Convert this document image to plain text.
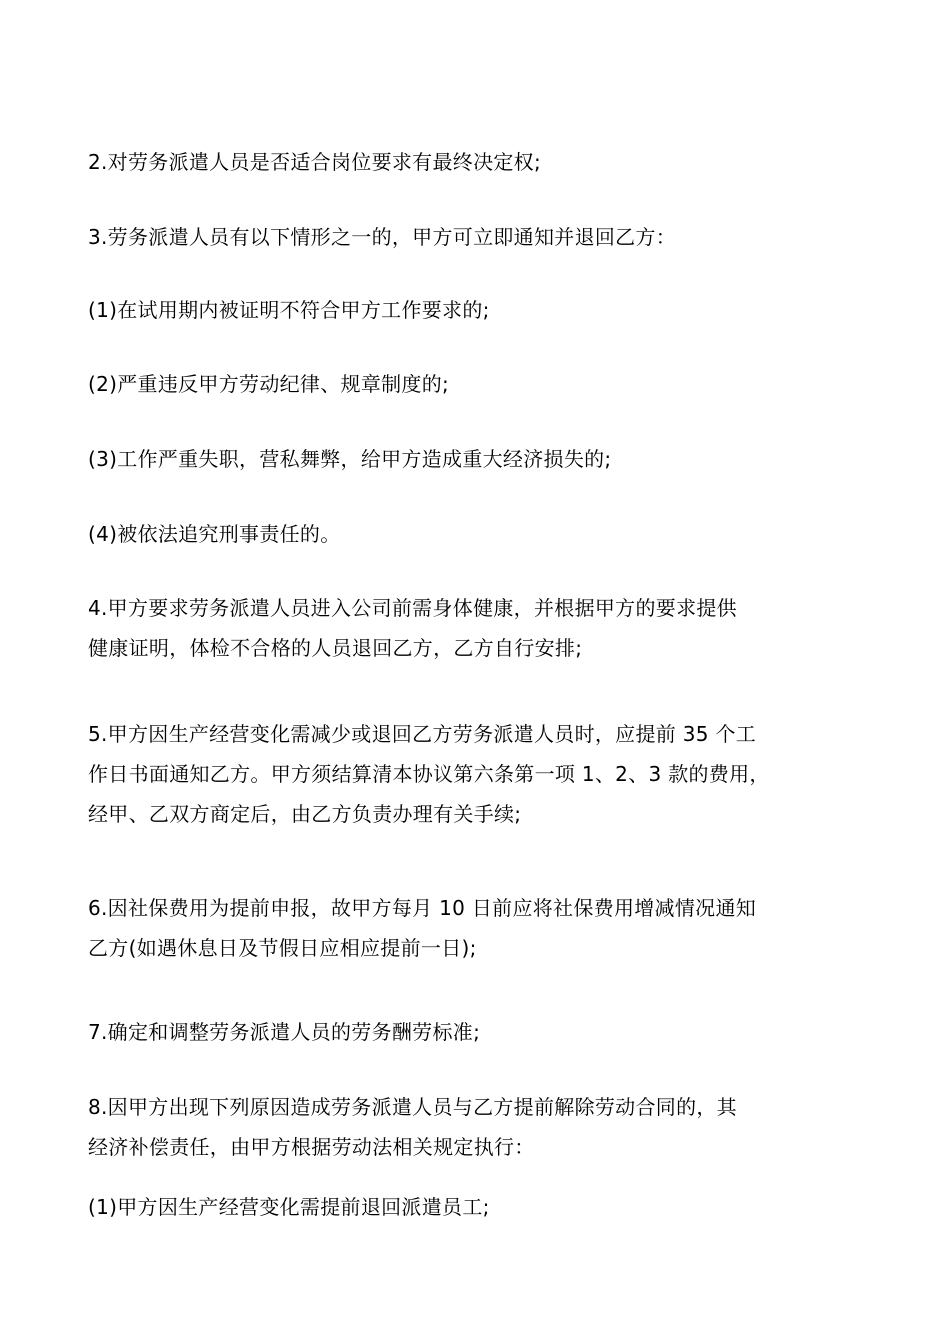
2.对劳务派遣人员是否适合岗位要求有最终决定权;
3.劳务派遣人员有以下情形之一的，甲方可立即通知并退回乙方：
(1)在试用期内被证明不符合甲方工作要求的;
(2)严重违反甲方劳动纪律、规章制度的;
(3)工作严重失职，营私舞弊，给甲方造成重大经济损失的;
(4)被依法追究刑事责任的。
4.甲方要求劳务派遣人员进入公司前需身体健康，并根据甲方的要求提供
健康证明，体检不合格的人员退回乙方，乙方自行安排;
5.甲方因生产经营变化需减少或退回乙方劳务派遣人员时，应提前 35 个工
作日书面通知乙方。甲方须结算清本协议第六条第一项 1、2、3 款的费用，
经甲、乙双方商定后，由乙方负责办理有关手续;
6.因社保费用为提前申报，故甲方每月 10 日前应将社保费用增减情况通知
乙方(如遇休息日及节假日应相应提前一日);
7.确定和调整劳务派遣人员的劳务酬劳标准;
8.因甲方出现下列原因造成劳务派遣人员与乙方提前解除劳动合同的，其
经济补偿责任，由甲方根据劳动法相关规定执行：
(1)甲方因生产经营变化需提前退回派遣员工;
